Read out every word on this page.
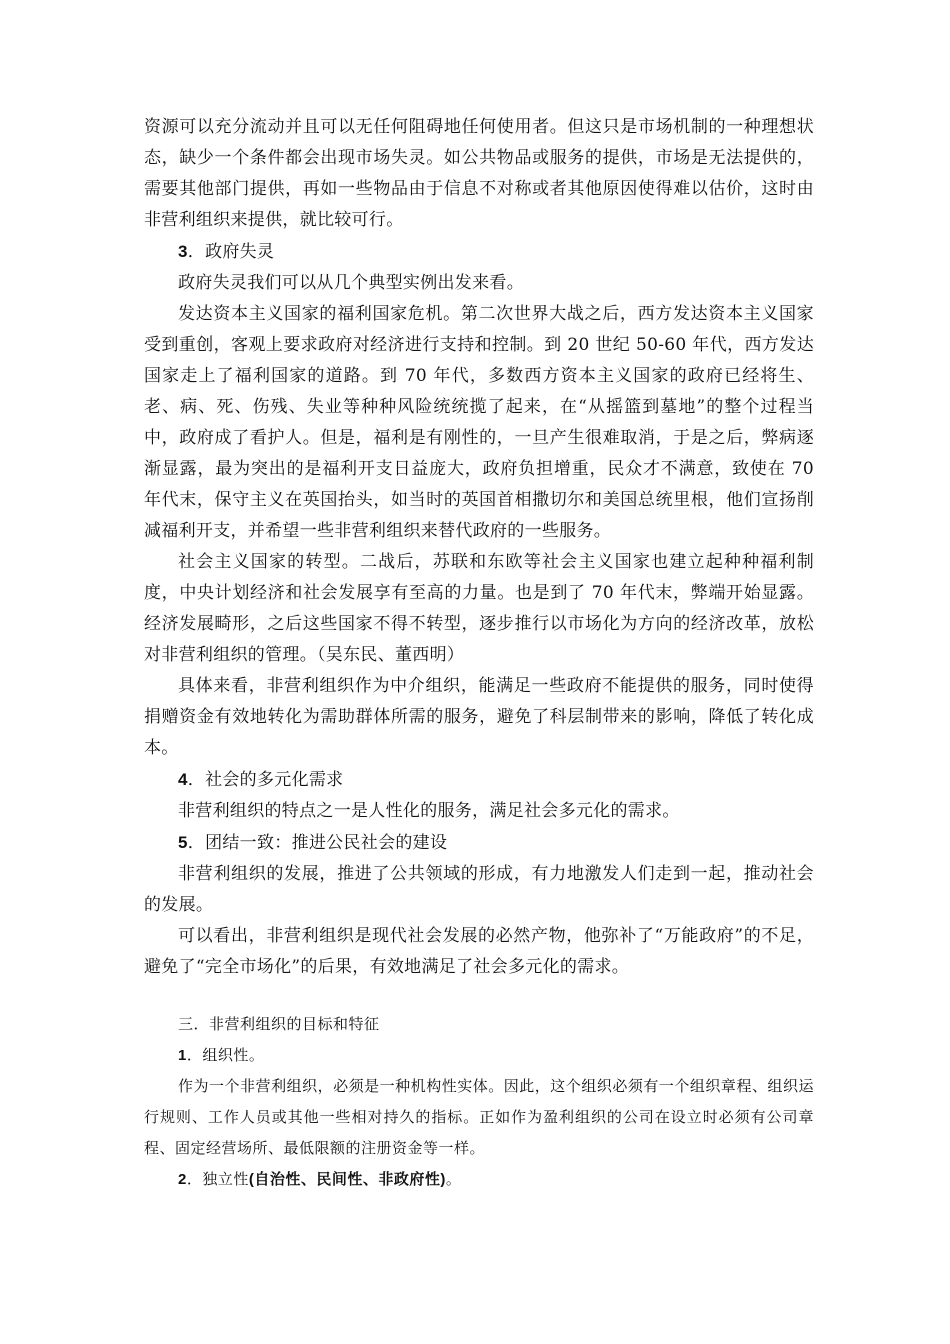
资源可以充分流动并且可以无任何阻碍地任何使用者。但这只是市场机制的一种理想状态，缺少一个条件都会出现市场失灵。如公共物品或服务的提供，市场是无法提供的，需要其他部门提供，再如一些物品由于信息不对称或者其他原因使得难以估价，这时由非营利组织来提供，就比较可行。

3．政府失灵

政府失灵我们可以从几个典型实例出发来看。

发达资本主义国家的福利国家危机。第二次世界大战之后，西方发达资本主义国家受到重创，客观上要求政府对经济进行支持和控制。到 20 世纪 50-60 年代，西方发达国家走上了福利国家的道路。到 70 年代，多数西方资本主义国家的政府已经将生、老、病、死、伤残、失业等种种风险统统揽了起来，在“从摇篮到墓地”的整个过程当中，政府成了看护人。但是，福利是有刚性的，一旦产生很难取消，于是之后，弊病逐渐显露，最为突出的是福利开支日益庞大，政府负担增重，民众才不满意，致使在 70 年代末，保守主义在英国抬头，如当时的英国首相撒切尔和美国总统里根，他们宣扬削减福利开支，并希望一些非营利组织来替代政府的一些服务。

社会主义国家的转型。二战后，苏联和东欧等社会主义国家也建立起种种福利制度，中央计划经济和社会发展享有至高的力量。也是到了 70 年代末，弊端开始显露。经济发展畸形，之后这些国家不得不转型，逐步推行以市场化为方向的经济改革，放松对非营利组织的管理。（吴东民、董西明）

具体来看，非营利组织作为中介组织，能满足一些政府不能提供的服务，同时使得捐赠资金有效地转化为需助群体所需的服务，避免了科层制带来的影响，降低了转化成本。

4．社会的多元化需求

非营利组织的特点之一是人性化的服务，满足社会多元化的需求。

5．团结一致：推进公民社会的建设

非营利组织的发展，推进了公共领域的形成，有力地激发人们走到一起，推动社会的发展。

可以看出，非营利组织是现代社会发展的必然产物，他弥补了“万能政府”的不足，避免了“完全市场化”的后果，有效地满足了社会多元化的需求。

三．非营利组织的目标和特征

1．组织性。

作为一个非营利组织，必须是一种机构性实体。因此，这个组织必须有一个组织章程、组织运行规则、工作人员或其他一些相对持久的指标。正如作为盈利组织的公司在设立时必须有公司章程、固定经营场所、最低限额的注册资金等一样。

2．独立性(自治性、民间性、非政府性)。
